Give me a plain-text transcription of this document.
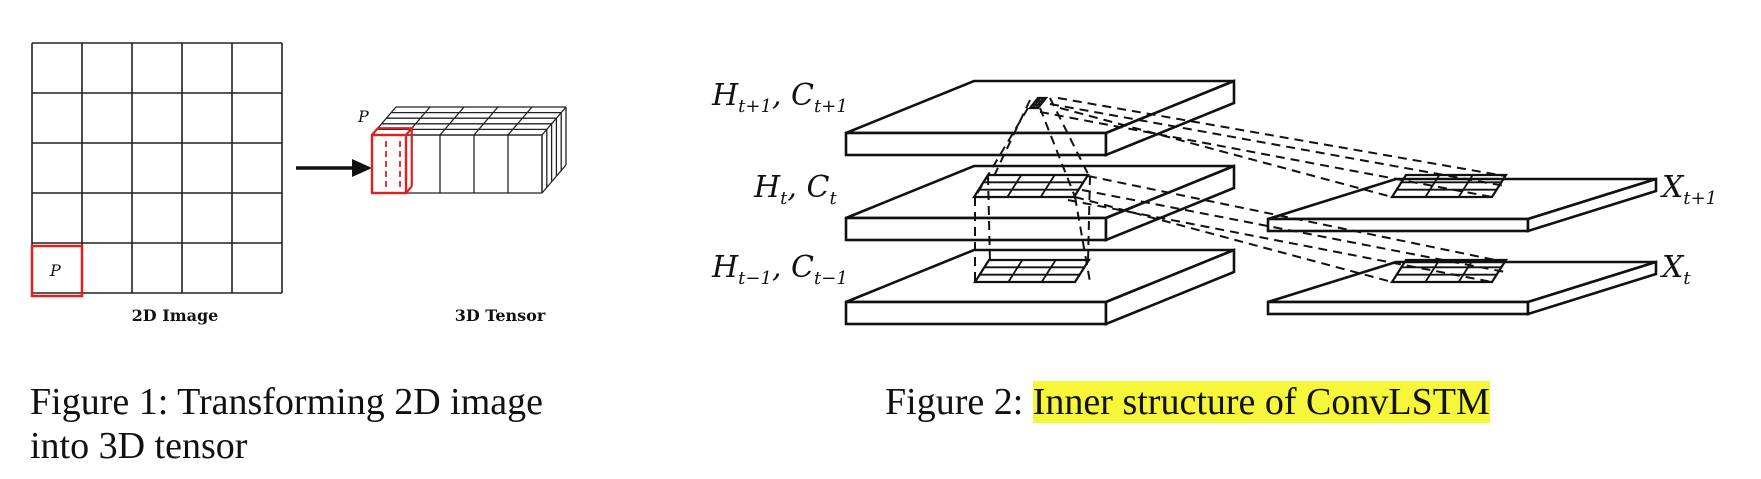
P
P
2D Image	3D Tensor
$H_{t+1}$, $C_{t+1}$
$H_t$, $C_t$
$H_{t-1}$, $C_{t-1}$
$X_{t+1}$
$X_t$
Figure 1: Transforming 2D image
into 3D tensor
Figure 2: Inner structure of ConvLSTM
